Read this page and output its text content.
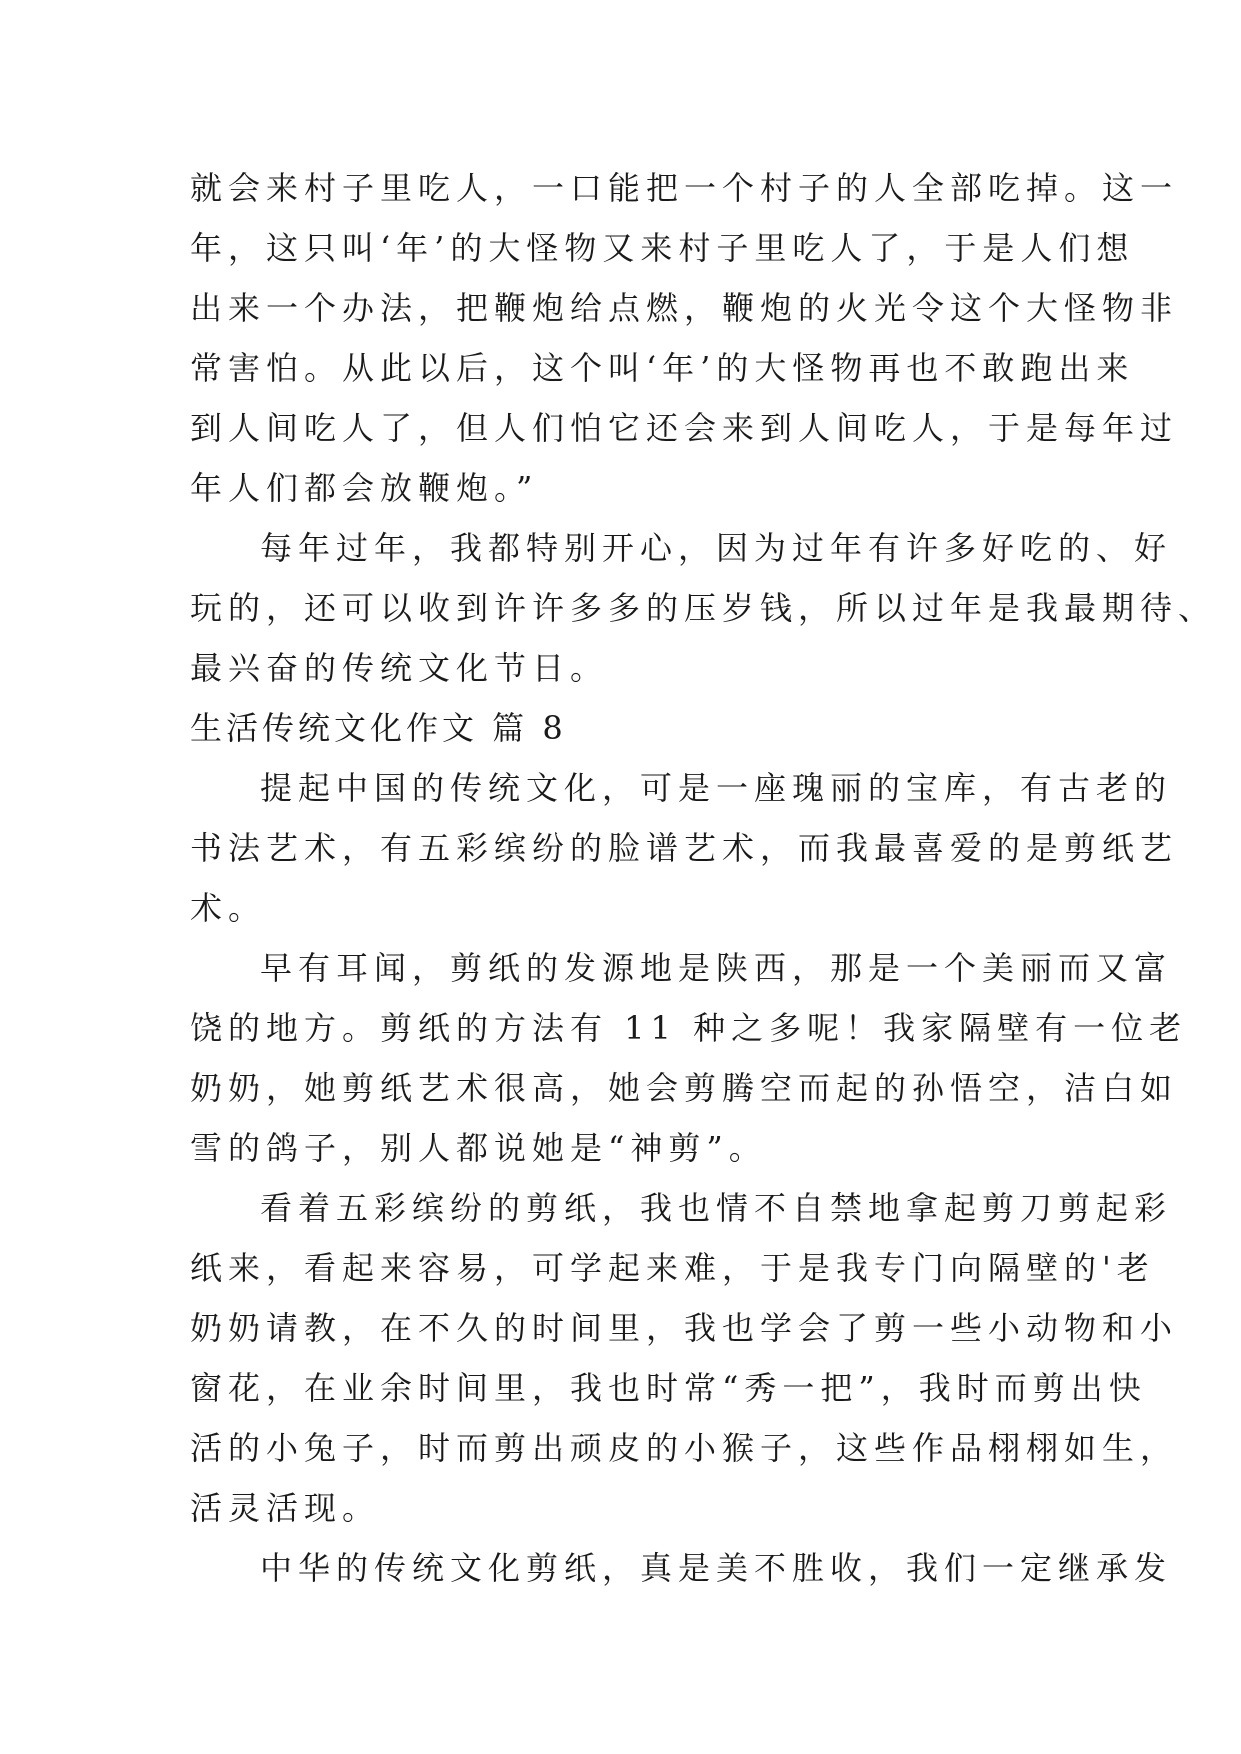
就会来村子里吃人，一口能把一个村子的人全部吃掉。这一
年，这只叫‘年’的大怪物又来村子里吃人了，于是人们想
出来一个办法，把鞭炮给点燃，鞭炮的火光令这个大怪物非
常害怕。从此以后，这个叫‘年’的大怪物再也不敢跑出来
到人间吃人了，但人们怕它还会来到人间吃人，于是每年过
年人们都会放鞭炮。”
每年过年，我都特别开心，因为过年有许多好吃的、好
玩的，还可以收到许许多多的压岁钱，所以过年是我最期待、
最兴奋的传统文化节日。
生活传统文化作文 篇 8
提起中国的传统文化，可是一座瑰丽的宝库，有古老的
书法艺术，有五彩缤纷的脸谱艺术，而我最喜爱的是剪纸艺
术。
早有耳闻，剪纸的发源地是陕西，那是一个美丽而又富
饶的地方。剪纸的方法有 11 种之多呢！我家隔壁有一位老
奶奶，她剪纸艺术很高，她会剪腾空而起的孙悟空，洁白如
雪的鸽子，别人都说她是“神剪”。
看着五彩缤纷的剪纸，我也情不自禁地拿起剪刀剪起彩
纸来，看起来容易，可学起来难，于是我专门向隔壁的'老
奶奶请教，在不久的时间里，我也学会了剪一些小动物和小
窗花，在业余时间里，我也时常“秀一把”，我时而剪出快
活的小兔子，时而剪出顽皮的小猴子，这些作品栩栩如生，
活灵活现。
中华的传统文化剪纸，真是美不胜收，我们一定继承发
